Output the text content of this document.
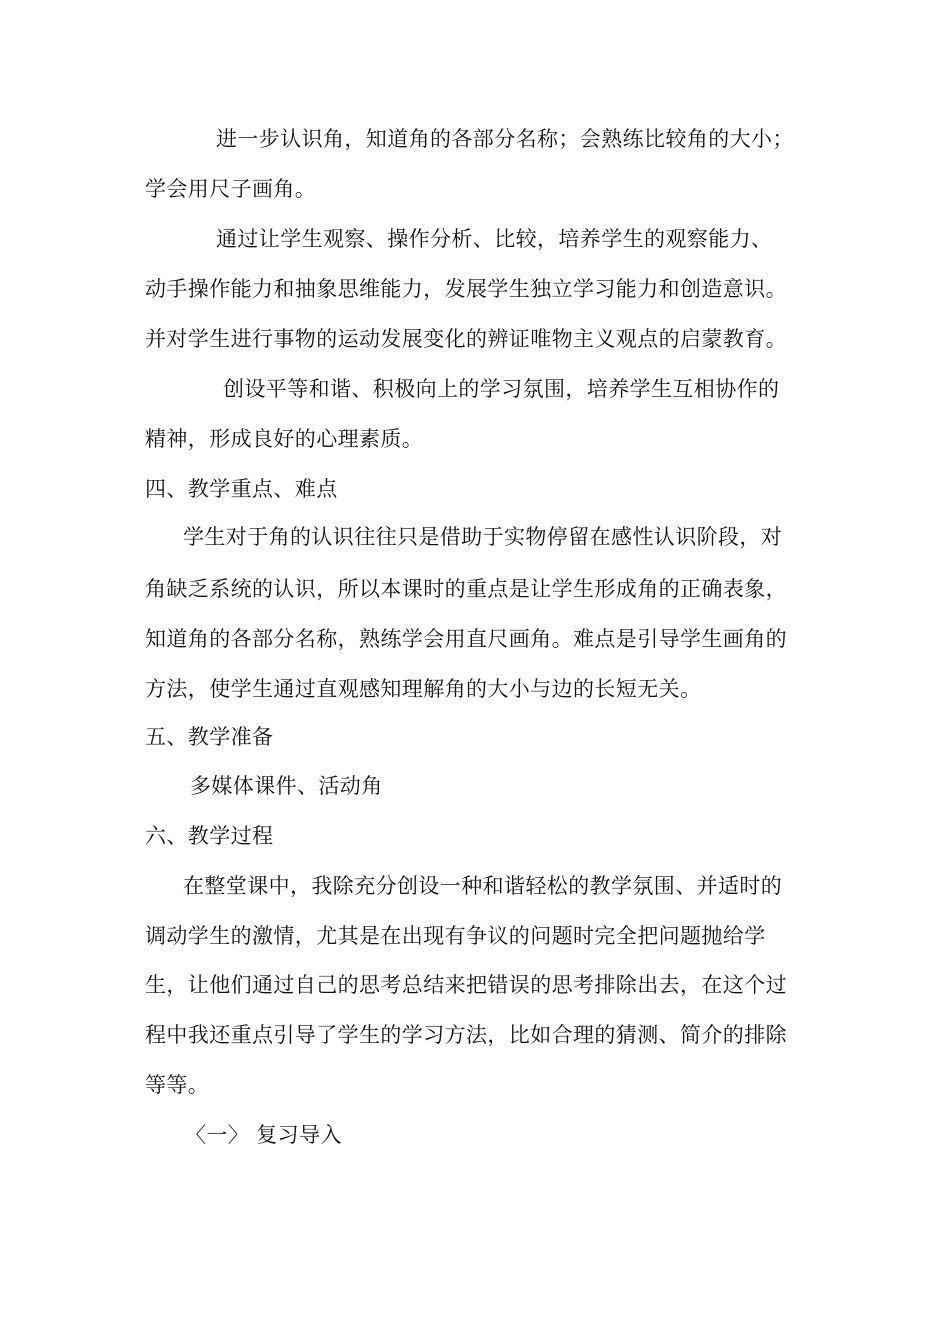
进一步认识角，知道角的各部分名称；会熟练比较角的大小；
学会用尺子画角。
通过让学生观察、操作分析、比较，培养学生的观察能力、
动手操作能力和抽象思维能力，发展学生独立学习能力和创造意识。
并对学生进行事物的运动发展变化的辨证唯物主义观点的启蒙教育。
创设平等和谐、积极向上的学习氛围，培养学生互相协作的
精神，形成良好的心理素质。
四、教学重点、难点
学生对于角的认识往往只是借助于实物停留在感性认识阶段，对
角缺乏系统的认识，所以本课时的重点是让学生形成角的正确表象，
知道角的各部分名称，熟练学会用直尺画角。难点是引导学生画角的
方法，使学生通过直观感知理解角的大小与边的长短无关。
五、教学准备
多媒体课件、活动角
六、教学过程
在整堂课中，我除充分创设一种和谐轻松的教学氛围、并适时的
调动学生的激情，尤其是在出现有争议的问题时完全把问题抛给学
生，让他们通过自己的思考总结来把错误的思考排除出去，在这个过
程中我还重点引导了学生的学习方法，比如合理的猜测、简介的排除
等等。
〈一〉 复习导入
